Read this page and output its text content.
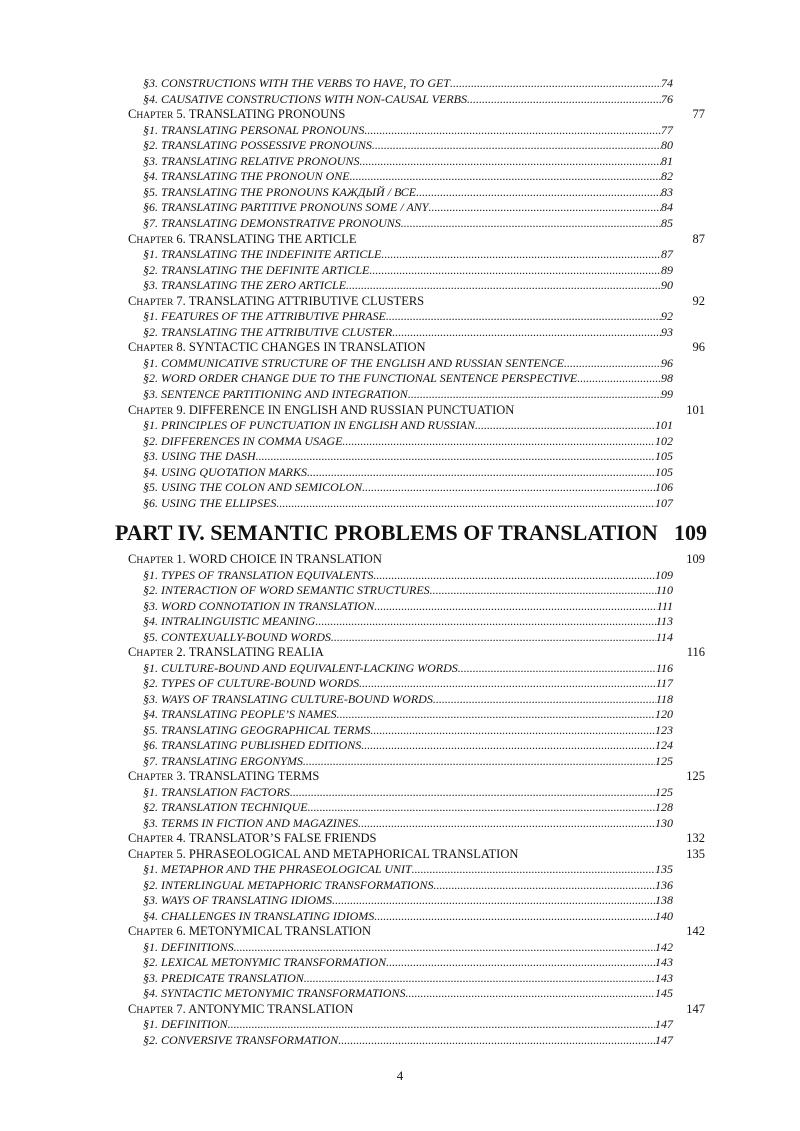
§3. CONSTRUCTIONS WITH THE VERBS TO HAVE, TO GET .....	74
§4. CAUSATIVE CONSTRUCTIONS WITH NON-CAUSAL VERBS .....	76
CHAPTER 5. TRANSLATING PRONOUNS	77
§1. TRANSLATING PERSONAL PRONOUNS .....	77
§2. TRANSLATING POSSESSIVE PRONOUNS .....	80
§3. TRANSLATING RELATIVE PRONOUNS .....	81
§4. TRANSLATING THE PRONOUN ONE .....	82
§5. TRANSLATING THE PRONOUNS КАЖДЫЙ / ВСЕ .....	83
§6. TRANSLATING PARTITIVE PRONOUNS SOME / ANY .....	84
§7. TRANSLATING DEMONSTRATIVE PRONOUNS .....	85
CHAPTER 6. TRANSLATING THE ARTICLE	87
§1. TRANSLATING THE INDEFINITE ARTICLE .....	87
§2. TRANSLATING THE DEFINITE ARTICLE .....	89
§3. TRANSLATING THE ZERO ARTICLE .....	90
CHAPTER 7. TRANSLATING ATTRIBUTIVE CLUSTERS	92
§1. FEATURES OF THE ATTRIBUTIVE PHRASE .....	92
§2. TRANSLATING THE ATTRIBUTIVE CLUSTER .....	93
CHAPTER 8. SYNTACTIC CHANGES IN TRANSLATION	96
§1. COMMUNICATIVE STRUCTURE OF THE ENGLISH AND RUSSIAN SENTENCE .....	96
§2. WORD ORDER CHANGE DUE TO THE FUNCTIONAL SENTENCE PERSPECTIVE .....	98
§3. SENTENCE PARTITIONING AND INTEGRATION .....	99
CHAPTER 9. DIFFERENCE IN ENGLISH AND RUSSIAN PUNCTUATION	101
§1. PRINCIPLES OF PUNCTUATION IN ENGLISH AND RUSSIAN .....	101
§2. DIFFERENCES IN COMMA USAGE .....	102
§3. USING THE DASH .....	105
§4. USING QUOTATION MARKS .....	105
§5. USING THE COLON AND SEMICOLON .....	106
§6. USING THE ELLIPSES .....	107
CHAPTER 1. WORD CHOICE IN TRANSLATION	109
§1. TYPES OF TRANSLATION EQUIVALENTS .....	109
§2. INTERACTION OF WORD SEMANTIC STRUCTURES .....	110
§3. WORD CONNOTATION IN TRANSLATION .....	111
§4. INTRALINGUISTIC MEANING .....	113
§5. CONTEXUALLY-BOUND WORDS .....	114
CHAPTER 2. TRANSLATING REALIA	116
§1. CULTURE-BOUND AND EQUIVALENT-LACKING WORDS .....	116
§2. TYPES OF CULTURE-BOUND WORDS .....	117
§3. WAYS OF TRANSLATING CULTURE-BOUND WORDS .....	118
§4. TRANSLATING PEOPLE’S NAMES .....	120
§5. TRANSLATING GEOGRAPHICAL TERMS .....	123
§6. TRANSLATING PUBLISHED EDITIONS .....	124
§7. TRANSLATING ERGONYMS .....	125
CHAPTER 3. TRANSLATING TERMS	125
§1. TRANSLATION FACTORS .....	125
§2. TRANSLATION TECHNIQUE .....	128
§3. TERMS IN FICTION AND MAGAZINES .....	130
CHAPTER 4. TRANSLATOR’S FALSE FRIENDS	132
CHAPTER 5. PHRASEOLOGICAL AND METAPHORICAL TRANSLATION	135
§1. METAPHOR AND THE PHRASEOLOGICAL UNIT .....	135
§2. INTERLINGUAL METAPHORIC TRANSFORMATIONS .....	136
§3. WAYS OF TRANSLATING IDIOMS .....	138
§4. CHALLENGES IN TRANSLATING IDIOMS .....	140
CHAPTER 6. METONYMICAL TRANSLATION	142
§1. DEFINITIONS .....	142
§2. LEXICAL METONYMIC TRANSFORMATION .....	143
§3. PREDICATE TRANSLATION .....	143
§4. SYNTACTIC METONYMIC TRANSFORMATIONS .....	145
CHAPTER 7. ANTONYMIC TRANSLATION	147
§1. DEFINITION .....	147
§2. CONVERSIVE TRANSFORMATION .....	147
PART IV. SEMANTIC PROBLEMS OF TRANSLATION 109
4
